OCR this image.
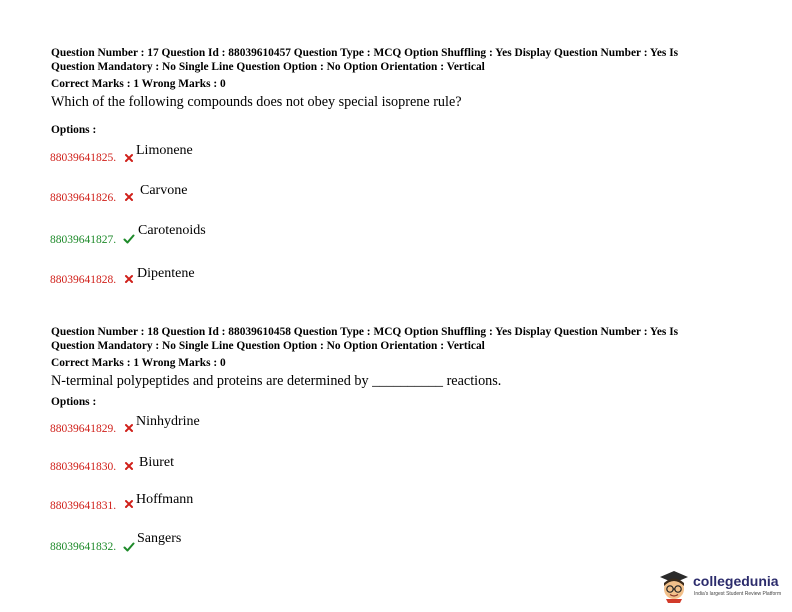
Question Number : 17 Question Id : 88039610457 Question Type : MCQ Option Shuffling : Yes Display Question Number : Yes Is
Question Mandatory : No Single Line Question Option : No Option Orientation : Vertical
Correct Marks : 1 Wrong Marks : 0
Which of the following compounds does not obey special isoprene rule?
Options :
88039641825. Limonene
88039641826. Carvone
88039641827.
Carotenoids
88039641828. Dipentene
Question Number : 18 Question Id : 88039610458 Question Type : MCQ Option Shuffling : Yes Display Question Number : Yes Is
Question Mandatory : No Single Line Question Option : No Option Orientation : Vertical
Correct Marks : 1 Wrong Marks : 0
N-terminal polypeptides and proteins are determined by __________ reactions.
Options :
88039641829. Ninhydrine
88039641830. Biuret
88039641831. Hoffmann
88039641832.
Sangers
collegedunia
India's largest Student Review Platform
